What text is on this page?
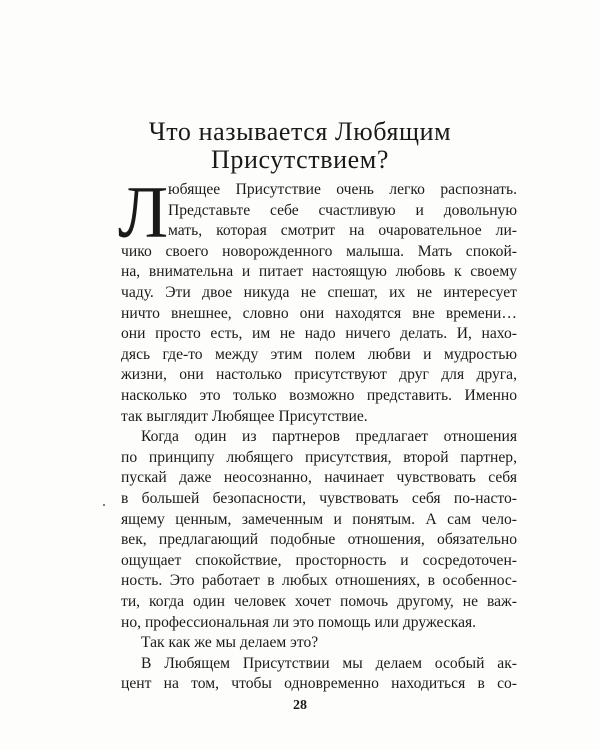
Что называется Любящим
Присутствием?
Л юбящее Присутствие очень легко распознать.
Представьте себе счастливую и довольную
мать, которая смотрит на очаровательное ли-
чико своего новорожденного малыша. Мать спокой-
на, внимательна и питает настоящую любовь к своему
чаду. Эти двое никуда не спешат, их не интересует
ничто внешнее, словно они находятся вне времени…
они просто есть, им не надо ничего делать. И, нахо-
дясь где-то между этим полем любви и мудростью
жизни, они настолько присутствуют друг для друга,
насколько это только возможно представить. Именно
так выглядит Любящее Присутствие.
Когда один из партнеров предлагает отношения
по принципу любящего присутствия, второй партнер,
пускай даже неосознанно, начинает чувствовать себя
в большей безопасности, чувствовать себя по-насто-
ящему ценным, замеченным и понятым. А сам чело-
век, предлагающий подобные отношения, обязательно
ощущает спокойствие, просторность и сосредоточен-
ность. Это работает в любых отношениях, в особеннос-
ти, когда один человек хочет помочь другому, не важ-
но, профессиональная ли это помощь или дружеская.
28
Так как же мы делаем это?
В Любящем Присутствии мы делаем особый ак-
цент на том, чтобы одновременно находиться в со-
